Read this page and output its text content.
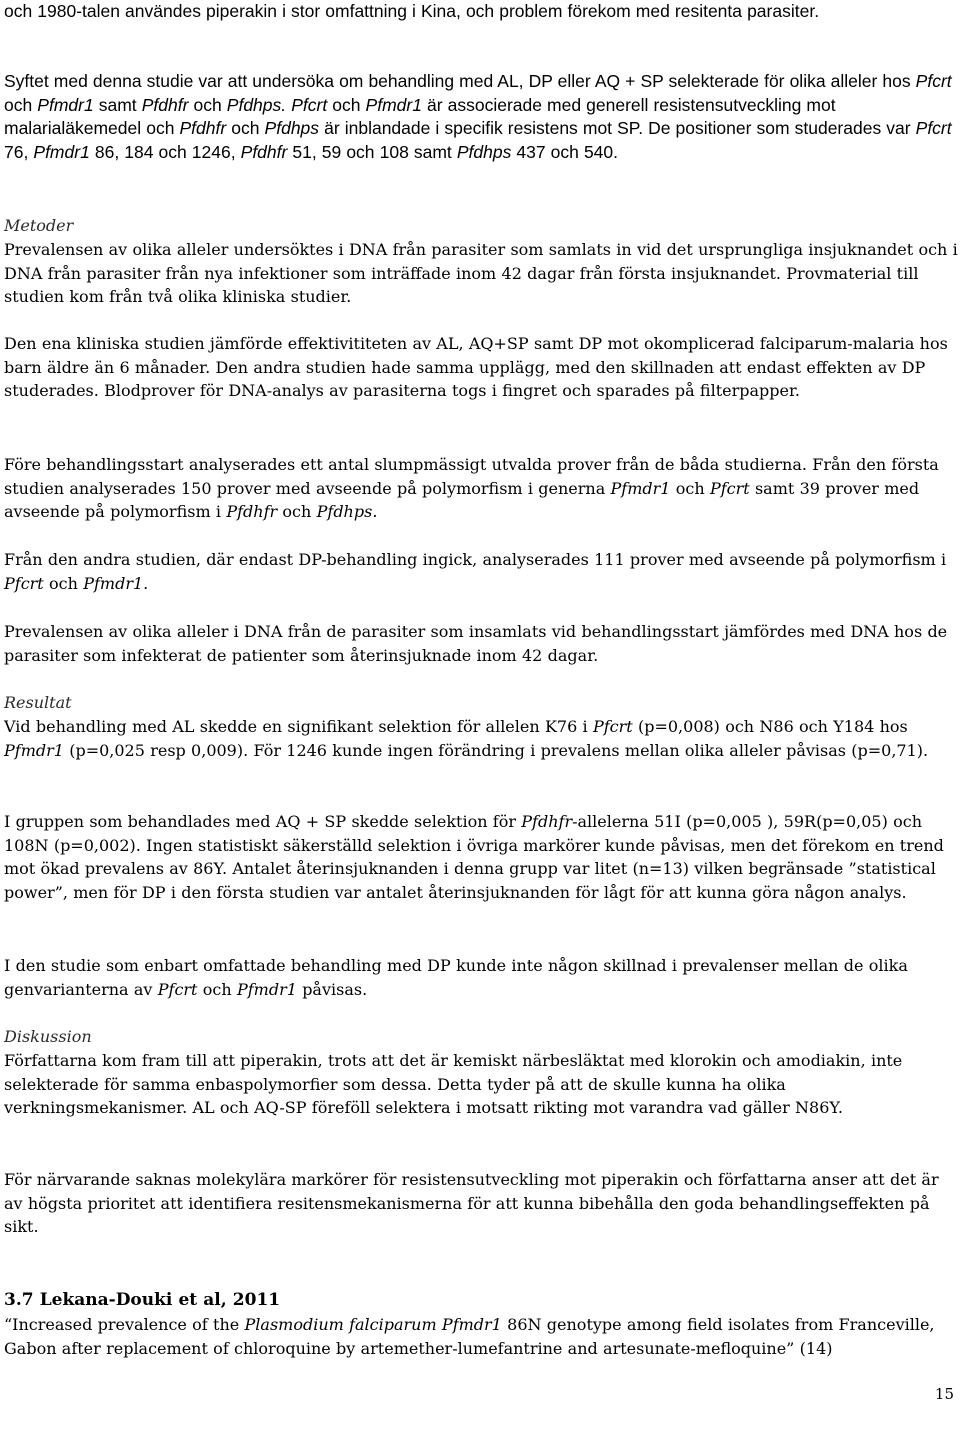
och 1980-talen användes piperakin i stor omfattning i Kina, och problem förekom med resitenta parasiter.

Syftet med denna studie var att undersöka om behandling med AL, DP eller AQ + SP selekterade för olika alleler hos Pfcrt och Pfmdr1 samt Pfdhfr och Pfdhps. Pfcrt och Pfmdr1 är associerade med generell resistensutveckling mot malarialäkemedel och Pfdhfr och Pfdhps är inblandade i specifik resistens mot SP. De positioner som studerades var Pfcrt 76, Pfmdr1 86, 184 och 1246, Pfdhfr 51, 59 och 108 samt Pfdhps 437 och 540.

Metoder

Prevalensen av olika alleler undersöktes i DNA från parasiter som samlats in vid det ursprungliga insjuknandet och i DNA från parasiter från nya infektioner som inträffade inom 42 dagar från första insjuknandet. Provmaterial till studien kom från två olika kliniska studier.

Den ena kliniska studien jämförde effektivititeten av AL, AQ+SP samt DP mot okomplicerad falciparum-malaria hos barn äldre än 6 månader. Den andra studien hade samma upplägg, med den skillnaden att endast effekten av DP studerades. Blodprover för DNA-analys av parasiterna togs i fingret och sparades på filterpapper.

Före behandlingsstart analyserades ett antal slumpmässigt utvalda prover från de båda studierna. Från den första studien analyserades 150 prover med avseende på polymorfism i generna Pfmdr1 och Pfcrt samt 39 prover med avseende på polymorfism i Pfdhfr och Pfdhps.

Från den andra studien, där endast DP-behandling ingick, analyserades 111 prover med avseende på polymorfism i Pfcrt och Pfmdr1.

Prevalensen av olika alleler i DNA från de parasiter som insamlats vid behandlingsstart jämfördes med DNA hos de parasiter som infekterat de patienter som återinsjuknade inom 42 dagar.

Resultat

Vid behandling med AL skedde en signifikant selektion för allelen K76 i Pfcrt (p=0,008) och N86 och Y184 hos Pfmdr1 (p=0,025 resp 0,009). För 1246 kunde ingen förändring i prevalens mellan olika alleler påvisas (p=0,71).

I gruppen som behandlades med AQ + SP skedde selektion för Pfdhfr-allelerna 51I (p=0,005 ), 59R(p=0,05) och 108N (p=0,002). Ingen statistiskt säkerställd selektion i övriga markörer kunde påvisas, men det förekom en trend mot ökad prevalens av 86Y. Antalet återinsjuknanden i denna grupp var litet (n=13) vilken begränsade ”statistical power”, men för DP i den första studien var antalet återinsjuknanden för lågt för att kunna göra någon analys.

I den studie som enbart omfattade behandling med DP kunde inte någon skillnad i prevalenser mellan de olika genvarianterna av Pfcrt och Pfmdr1 påvisas.

Diskussion

Författarna kom fram till att piperakin, trots att det är kemiskt närbesläktat med klorokin och amodiakin, inte selekterade för samma enbaspolymorfier som dessa. Detta tyder på att de skulle kunna ha olika verkningsmekanismer. AL och AQ-SP föreföll selektera i motsatt rikting mot varandra vad gäller N86Y.

För närvarande saknas molekylära markörer för resistensutveckling mot piperakin och författarna anser att det är av högsta prioritet att identifiera resitensmekanismerna för att kunna bibehålla den goda behandlingseffekten på sikt.

3.7 Lekana-Douki et al, 2011

“Increased prevalence of the Plasmodium falciparum Pfmdr1 86N genotype among field isolates from Franceville, Gabon after replacement of chloroquine by artemether-lumefantrine and artesunate-mefloquine” (14)

15
